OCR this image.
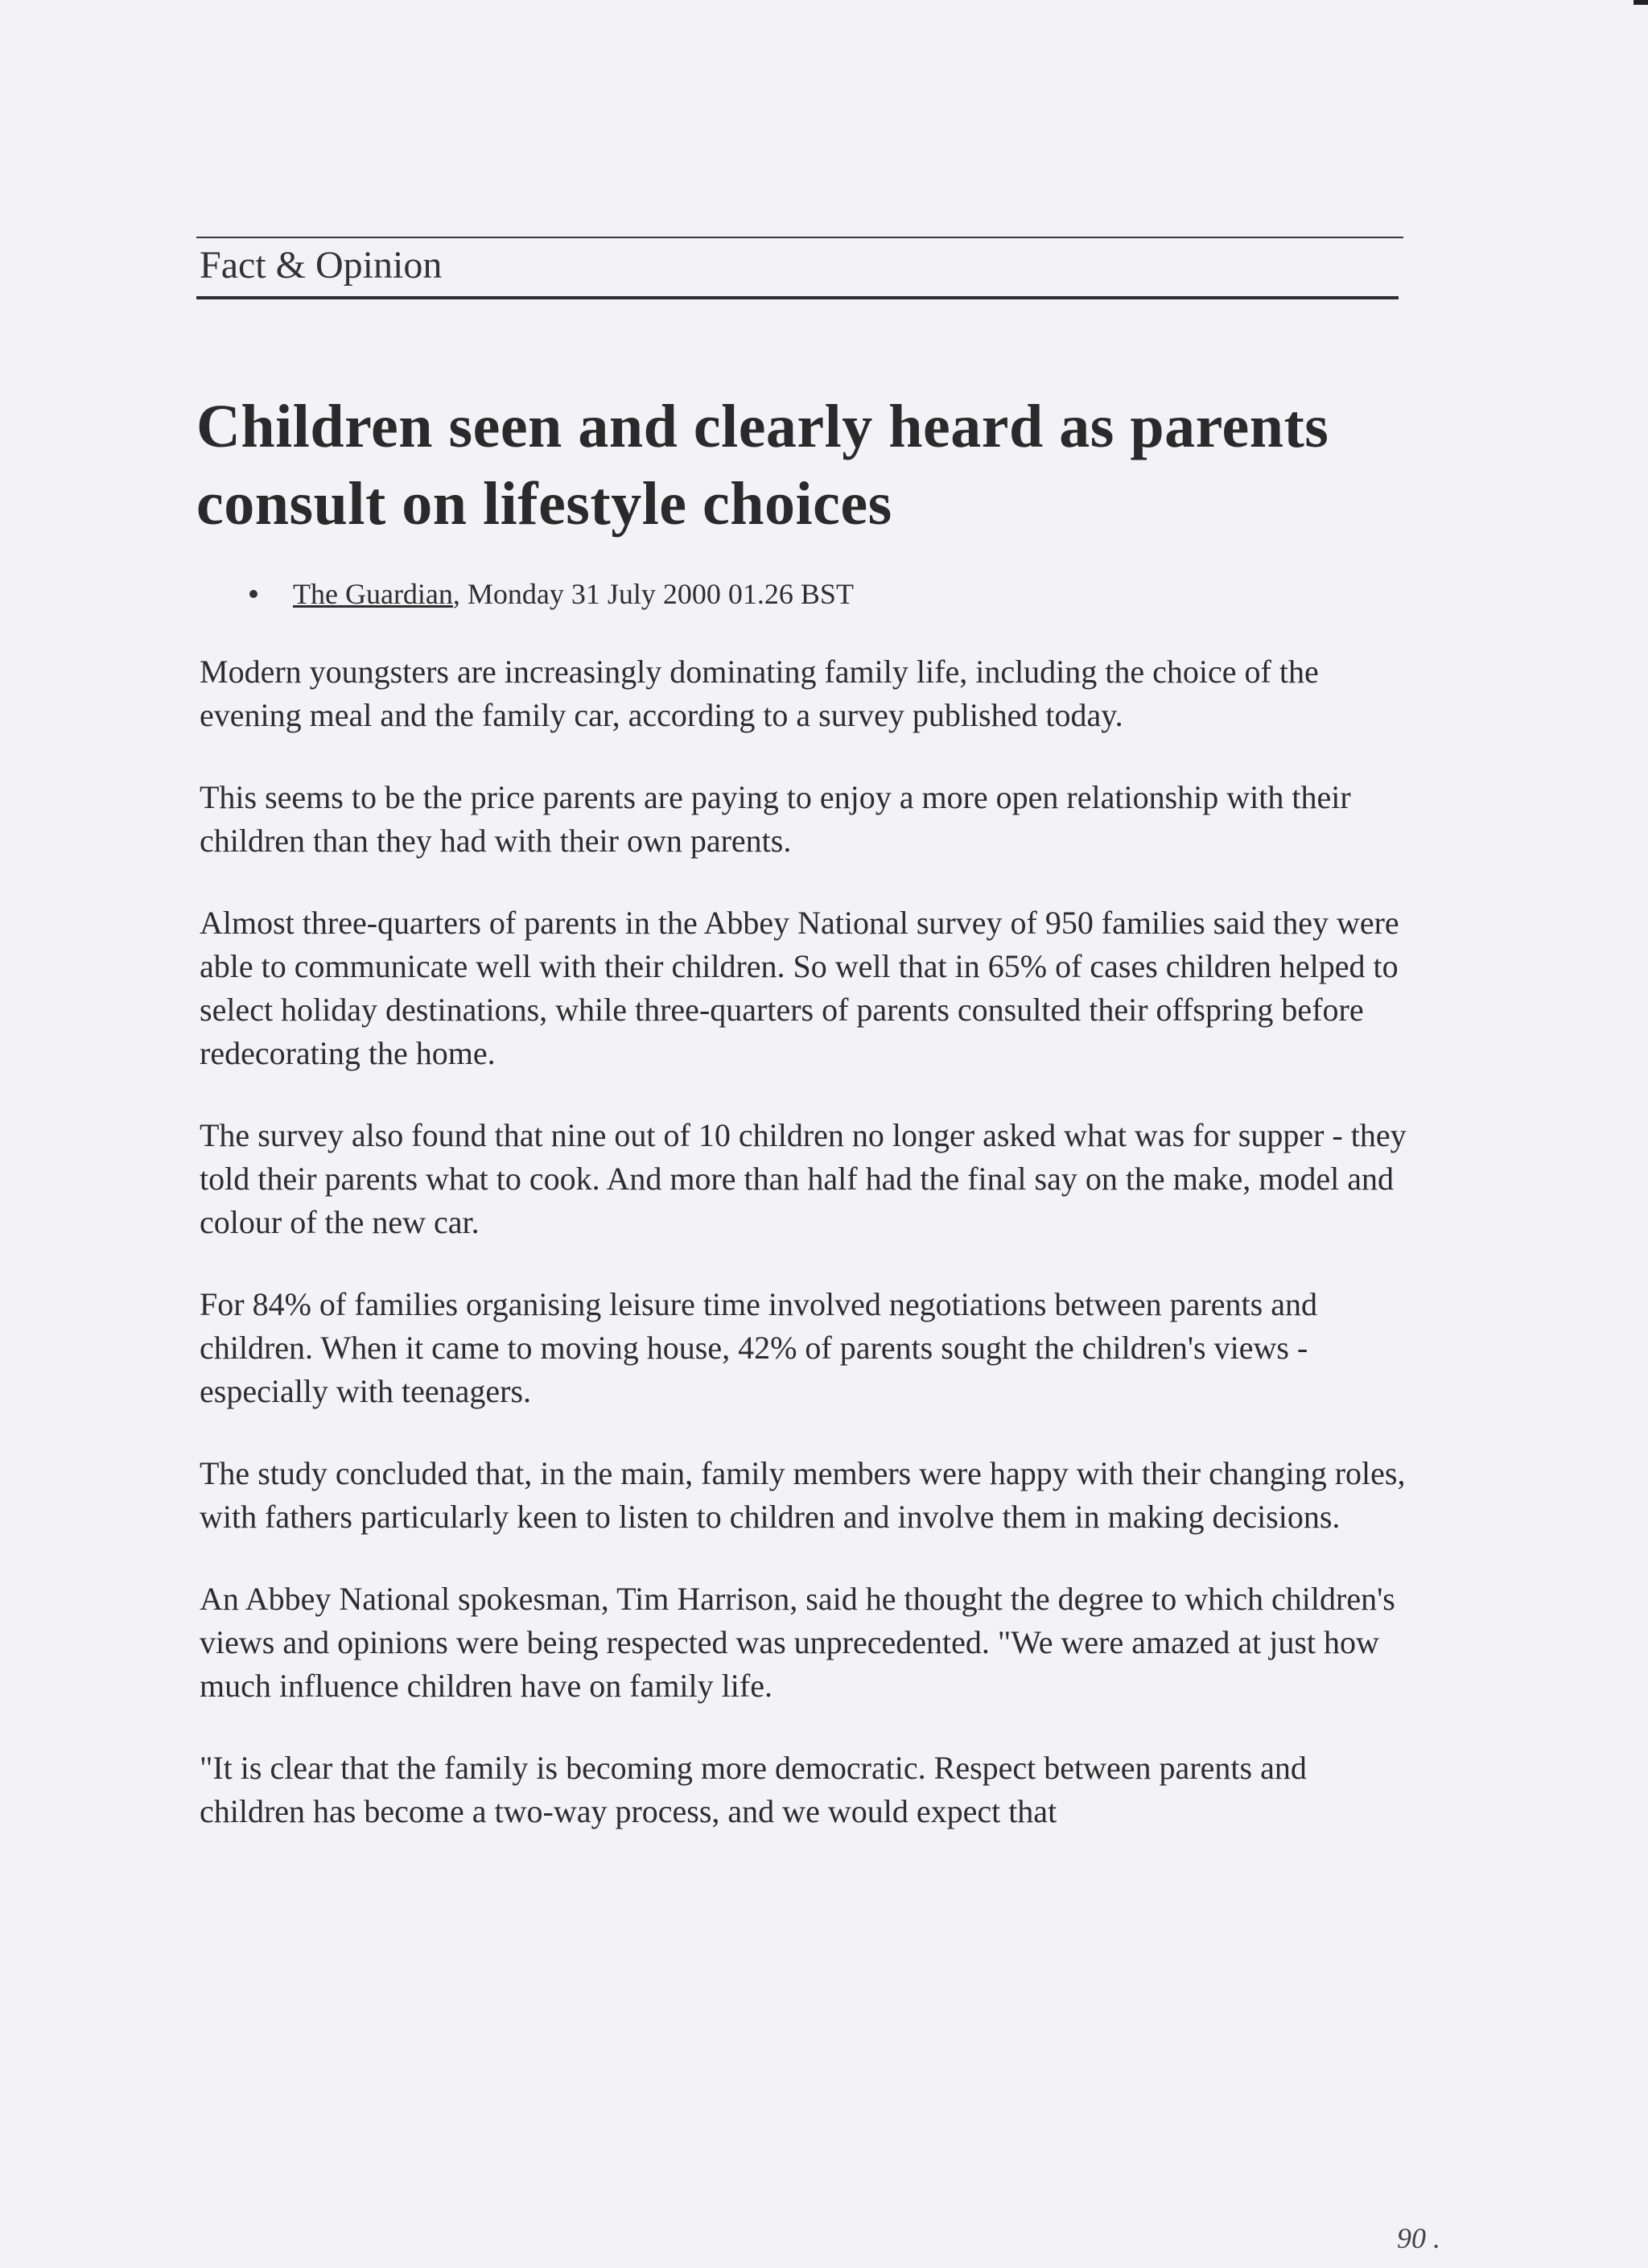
Fact & Opinion
Children seen and clearly heard as parents consult on lifestyle choices
The Guardian, Monday 31 July 2000 01.26 BST

Modern youngsters are increasingly dominating family life, including the choice of the evening meal and the family car, according to a survey published today.

This seems to be the price parents are paying to enjoy a more open relationship with their children than they had with their own parents.

Almost three-quarters of parents in the Abbey National survey of 950 families said they were able to communicate well with their children. So well that in 65% of cases children helped to select holiday destinations, while three-quarters of parents consulted their offspring before redecorating the home.

The survey also found that nine out of 10 children no longer asked what was for supper - they told their parents what to cook. And more than half had the final say on the make, model and colour of the new car.

For 84% of families organising leisure time involved negotiations between parents and children. When it came to moving house, 42% of parents sought the children's views - especially with teenagers.

The study concluded that, in the main, family members were happy with their changing roles, with fathers particularly keen to listen to children and involve them in making decisions.

An Abbey National spokesman, Tim Harrison, said he thought the degree to which children's views and opinions were being respected was unprecedented. "We were amazed at just how much influence children have on family life.

"It is clear that the family is becoming more democratic. Respect between parents and children has become a two-way process, and we would expect that

90 .
